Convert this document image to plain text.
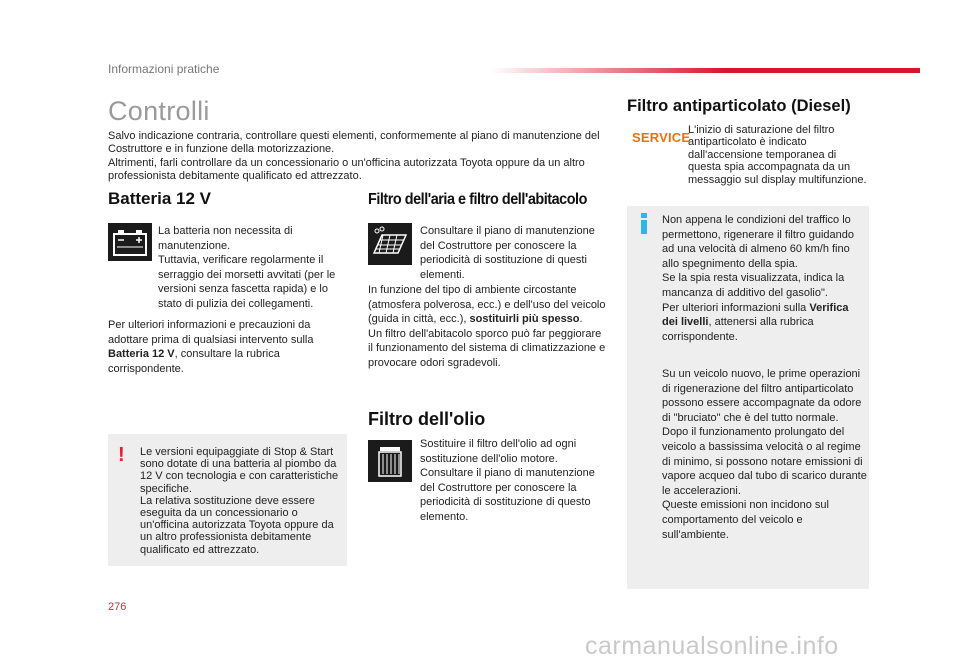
Informazioni pratiche
Controlli

Salvo indicazione contraria, controllare questi elementi, conformemente al piano di manutenzione del Costruttore e in funzione della motorizzazione.

Altrimenti, farli controllare da un concessionario o un'officina autorizzata Toyota oppure da un altro professionista debitamente qualificato ed attrezzato.

Batteria 12 V

La batteria non necessita di manutenzione.

Tuttavia, verificare regolarmente il serraggio dei morsetti avvitati (per le versioni senza fascetta rapida) e lo stato di pulizia dei collegamenti.

Per ulteriori informazioni e precauzioni da adottare prima di qualsiasi intervento sulla Batteria 12 V, consultare la rubrica corrispondente.

! Le versioni equipaggiate di Stop & Start sono dotate di una batteria al piombo da 12 V con tecnologia e con caratteristiche specifiche.

La relativa sostituzione deve essere eseguita da un concessionario o un'officina autorizzata Toyota oppure da un altro professionista debitamente qualificato ed attrezzato.

Filtro dell'aria e filtro dell'abitacolo
Consultare il piano di manutenzione del Costruttore per conoscere la periodicità di sostituzione di questi elementi.

In funzione del tipo di ambiente circostante (atmosfera polverosa, ecc.) e dell'uso del veicolo (guida in città, ecc.), sostituirli più spesso.

Un filtro dell'abitacolo sporco può far peggiorare il funzionamento del sistema di climatizzazione e provocare odori sgradevoli.

Filtro dell'olio

Sostituire il filtro dell'olio ad ogni sostituzione dell'olio motore.

Consultare il piano di manutenzione del Costruttore per conoscere la periodicità di sostituzione di questo elemento.

Filtro antiparticolato (Diesel)
SERVICE
L'inizio di saturazione del filtro antiparticolato è indicato dall'accensione temporanea di questa spia accompagnata da un messaggio sul display multifunzione.

Non appena le condizioni del traffico lo permettono, rigenerare il filtro guidando ad una velocità di almeno 60 km/h fino allo spegnimento della spia.

Se la spia resta visualizzata, indica la mancanza di additivo del gasolio".

Per ulteriori informazioni sulla Verifica dei livelli, attenersi alla rubrica corrispondente.

Su un veicolo nuovo, le prime operazioni di rigenerazione del filtro antiparticolato possono essere accompagnate da odore di "bruciato" che è del tutto normale.

Dopo il funzionamento prolungato del veicolo a bassissima velocità o al regime di minimo, si possono notare emissioni di vapore acqueo dal tubo di scarico durante le accelerazioni.

Queste emissioni non incidono sul comportamento del veicolo e sull'ambiente.

276
carmanualsonline.info
